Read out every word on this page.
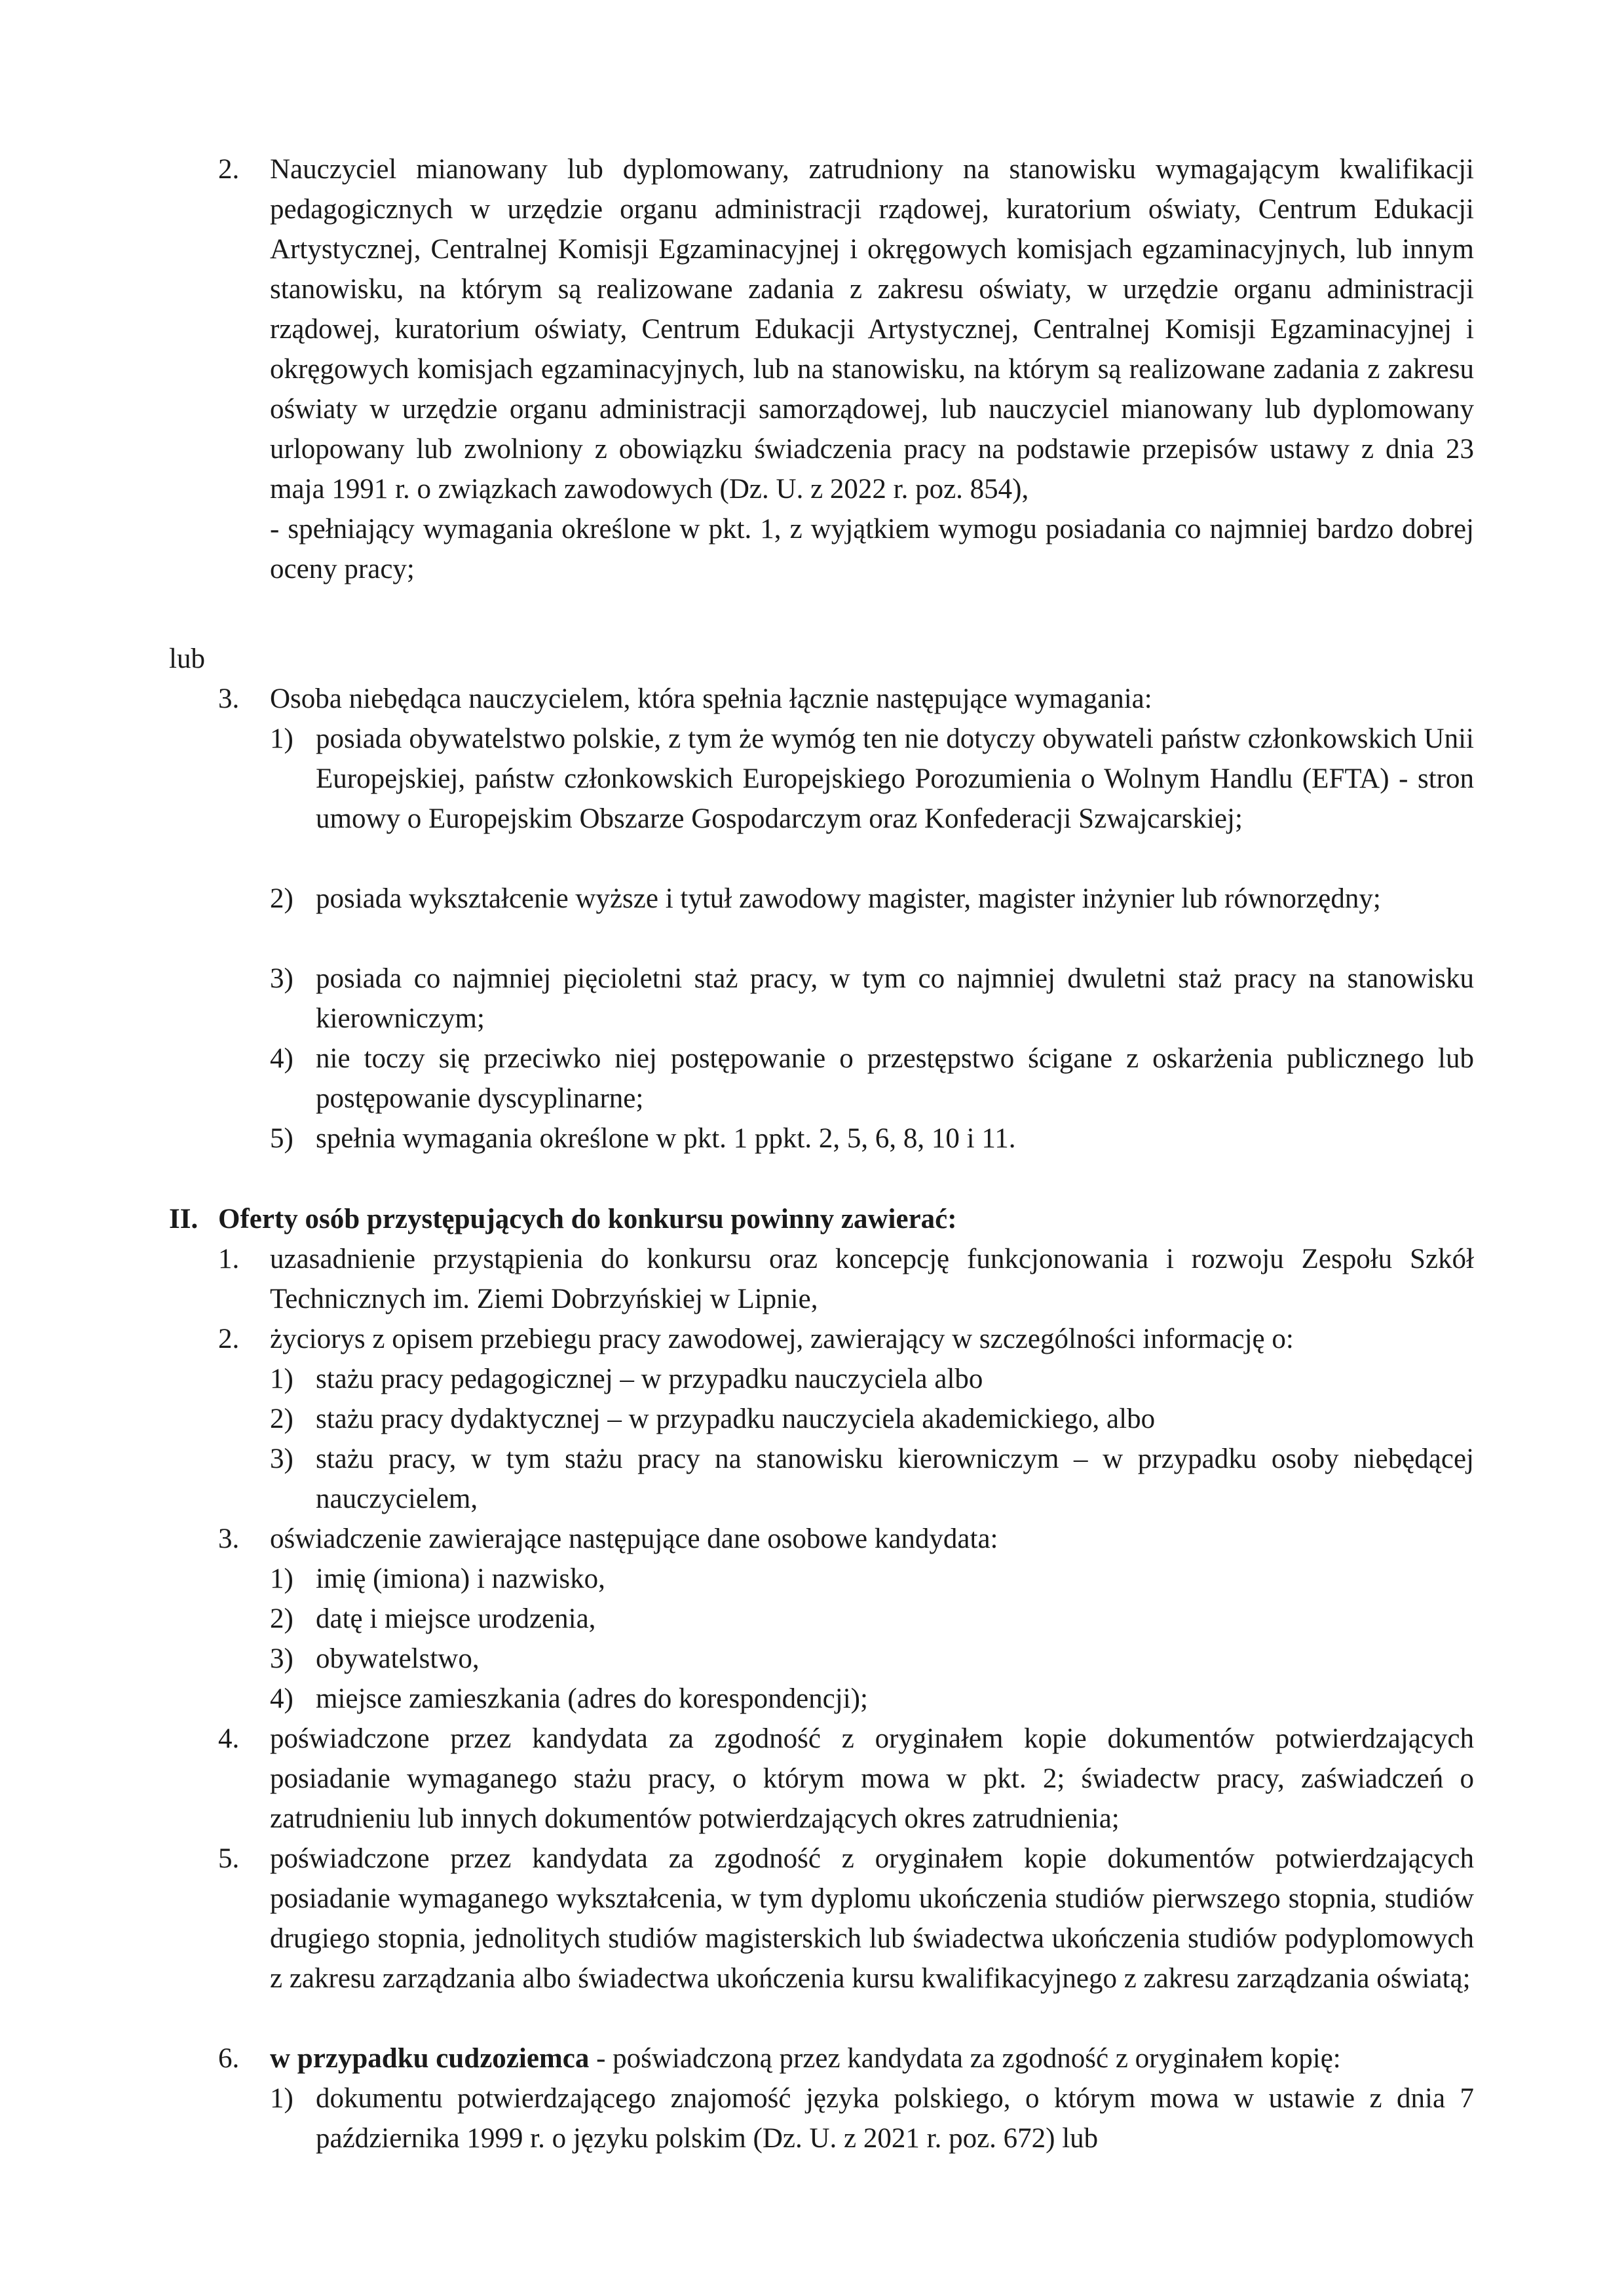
2. Nauczyciel mianowany lub dyplomowany, zatrudniony na stanowisku wymagającym kwalifikacji pedagogicznych w urzędzie organu administracji rządowej, kuratorium oświaty, Centrum Edukacji Artystycznej, Centralnej Komisji Egzaminacyjnej i okręgowych komisjach egzaminacyjnych, lub innym stanowisku, na którym są realizowane zadania z zakresu oświaty, w urzędzie organu administracji rządowej, kuratorium oświaty, Centrum Edukacji Artystycznej, Centralnej Komisji Egzaminacyjnej i okręgowych komisjach egzaminacyjnych, lub na stanowisku, na którym są realizowane zadania z zakresu oświaty w urzędzie organu administracji samorządowej, lub nauczyciel mianowany lub dyplomowany urlopowany lub zwolniony z obowiązku świadczenia pracy na podstawie przepisów ustawy z dnia 23 maja 1991 r. o związkach zawodowych (Dz. U. z 2022 r. poz. 854),

- spełniający wymagania określone w pkt. 1, z wyjątkiem wymogu posiadania co najmniej bardzo dobrej oceny pracy;

lub
3. Osoba niebędąca nauczycielem, która spełnia łącznie następujące wymagania:

1) posiada obywatelstwo polskie, z tym że wymóg ten nie dotyczy obywateli państw członkowskich Unii Europejskiej, państw członkowskich Europejskiego Porozumienia o Wolnym Handlu (EFTA) - stron umowy o Europejskim Obszarze Gospodarczym oraz Konfederacji Szwajcarskiej;

2) posiada wykształcenie wyższe i tytuł zawodowy magister, magister inżynier lub równorzędny;

3) posiada co najmniej pięcioletni staż pracy, w tym co najmniej dwuletni staż pracy na stanowisku kierowniczym;

4) nie toczy się przeciwko niej postępowanie o przestępstwo ścigane z oskarżenia publicznego lub postępowanie dyscyplinarne;

5) spełnia wymagania określone w pkt. 1 ppkt. 2, 5, 6, 8, 10 i 11.

II. Oferty osób przystępujących do konkursu powinny zawierać:

1. uzasadnienie przystąpienia do konkursu oraz koncepcję funkcjonowania i rozwoju Zespołu Szkół Technicznych im. Ziemi Dobrzyńskiej w Lipnie,

2. życiorys z opisem przebiegu pracy zawodowej, zawierający w szczególności informację o:

1) stażu pracy pedagogicznej – w przypadku nauczyciela albo

2) stażu pracy dydaktycznej – w przypadku nauczyciela akademickiego, albo

3) stażu pracy, w tym stażu pracy na stanowisku kierowniczym – w przypadku osoby niebędącej nauczycielem,

3. oświadczenie zawierające następujące dane osobowe kandydata:

1) imię (imiona) i nazwisko,

2) datę i miejsce urodzenia,

3) obywatelstwo,

4) miejsce zamieszkania (adres do korespondencji);

4. poświadczone przez kandydata za zgodność z oryginałem kopie dokumentów potwierdzających posiadanie wymaganego stażu pracy, o którym mowa w pkt. 2; świadectw pracy, zaświadczeń o zatrudnieniu lub innych dokumentów potwierdzających okres zatrudnienia;

5. poświadczone przez kandydata za zgodność z oryginałem kopie dokumentów potwierdzających posiadanie wymaganego wykształcenia, w tym dyplomu ukończenia studiów pierwszego stopnia, studiów drugiego stopnia, jednolitych studiów magisterskich lub świadectwa ukończenia studiów podyplomowych z zakresu zarządzania albo świadectwa ukończenia kursu kwalifikacyjnego z zakresu zarządzania oświatą;

6. w przypadku cudzoziemca - poświadczoną przez kandydata za zgodność z oryginałem kopię:

1) dokumentu potwierdzającego znajomość języka polskiego, o którym mowa w ustawie z dnia 7 października 1999 r. o języku polskim (Dz. U. z 2021 r. poz. 672) lub
